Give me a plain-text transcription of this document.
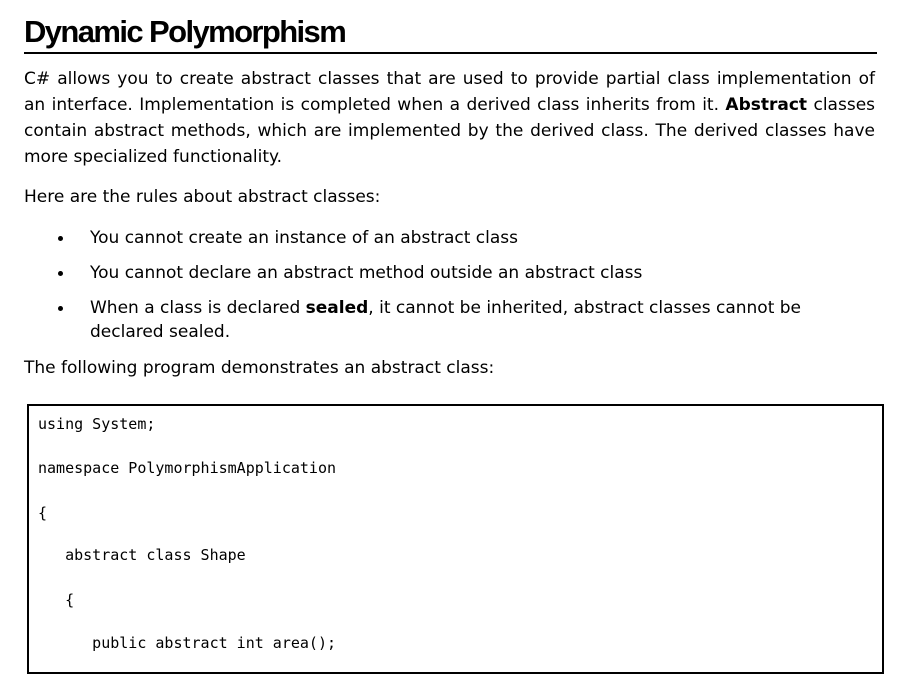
Dynamic Polymorphism

C# allows you to create abstract classes that are used to provide partial class implementation of an interface. Implementation is completed when a derived class inherits from it. Abstract classes contain abstract methods, which are implemented by the derived class. The derived classes have more specialized functionality.

Here are the rules about abstract classes:

You cannot create an instance of an abstract class
You cannot declare an abstract method outside an abstract class
When a class is declared sealed, it cannot be inherited, abstract classes cannot be declared sealed.

The following program demonstrates an abstract class:

using System;
namespace PolymorphismApplication
{
abstract class Shape
{
public abstract int area();
